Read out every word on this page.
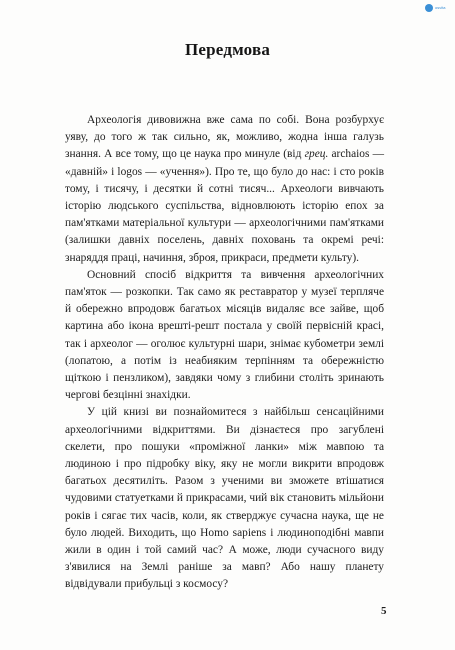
osvita
Передмова

Археологія дивовижна вже сама по собі. Вона розбурхує уяву, до того ж так сильно, як, можливо, жодна інша галузь знання. А все тому, що це наука про минуле (від грец. archaios — «давній» і logos — «учення»). Про те, що було до нас: і сто років тому, і тисячу, і десятки й сотні тисяч... Археологи вивчають історію людського суспільства, відновлюють історію епох за пам'ятками матеріальної культури — археологічними пам'ятками (залишки давніх поселень, давніх поховань та окремі речі: знаряддя праці, начиння, зброя, прикраси, предмети культу).

Основний спосіб відкриття та вивчення археологічних пам'яток — розкопки. Так само як реставратор у музеї терпляче й обережно впродовж багатьох місяців видаляє все зайве, щоб картина або ікона врешті-решт постала у своїй первісній красі, так і археолог — оголює культурні шари, знімає кубометри землі (лопатою, а потім із неабияким терпінням та обережністю щіткою і пензликом), завдяки чому з глибини століть зринають чергові безцінні знахідки.

У цій книзі ви познайомитеся з найбільш сенсаційними археологічними відкриттями. Ви дізнаєтеся про загублені скелети, про пошуки «проміжної ланки» між мавпою та людиною і про підробку віку, яку не могли викрити впродовж багатьох десятиліть. Разом з ученими ви зможете втішатися чудовими статуетками й прикрасами, чий вік становить мільйони років і сягає тих часів, коли, як стверджує сучасна наука, ще не було людей. Виходить, що Homo sapiens і людиноподібні мавпи жили в один і той самий час? А може, люди сучасного виду з'явилися на Землі раніше за мавп? Або нашу планету відвідували прибульці з космосу?

5
